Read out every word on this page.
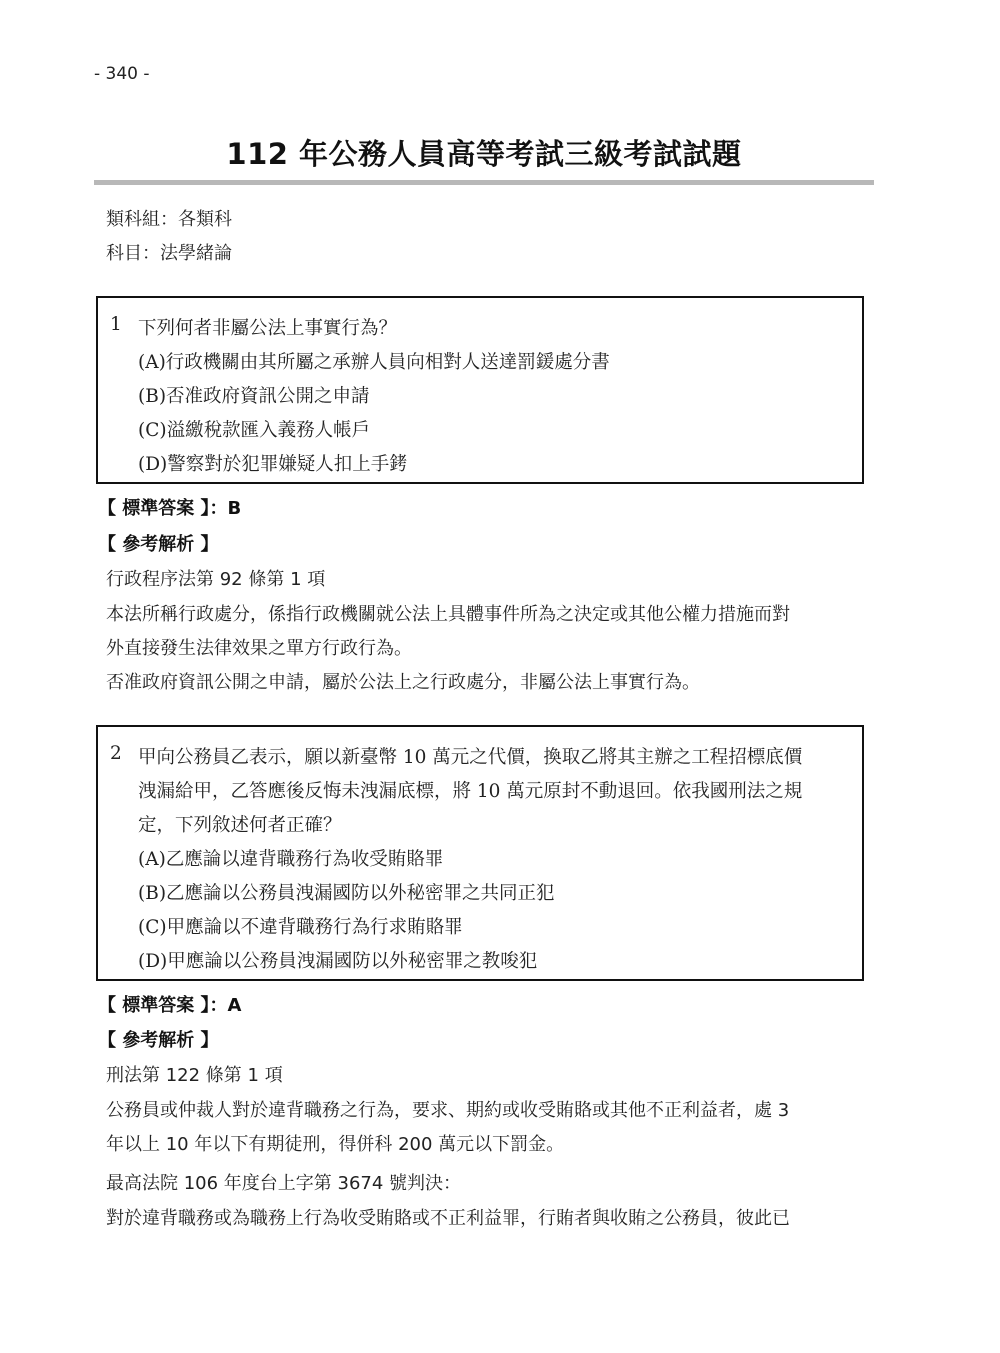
- 340 -
112 年公務人員高等考試三級考試試題
類科組：各類科
科目：法學緒論
1 下列何者非屬公法上事實行為？
(A)行政機關由其所屬之承辦人員向相對人送達罰鍰處分書
(B)否准政府資訊公開之申請
(C)溢繳稅款匯入義務人帳戶
(D)警察對於犯罪嫌疑人扣上手銬
【 標準答案 】：B
【 參考解析 】
行政程序法第 92 條第 1 項
本法所稱行政處分，係指行政機關就公法上具體事件所為之決定或其他公權力措施而對
外直接發生法律效果之單方行政行為。
否准政府資訊公開之申請，屬於公法上之行政處分，非屬公法上事實行為。
2 甲向公務員乙表示，願以新臺幣 10 萬元之代價，換取乙將其主辦之工程招標底價
洩漏給甲，乙答應後反悔未洩漏底標，將 10 萬元原封不動退回。依我國刑法之規
定，下列敘述何者正確？
(A)乙應論以違背職務行為收受賄賂罪
(B)乙應論以公務員洩漏國防以外秘密罪之共同正犯
(C)甲應論以不違背職務行為行求賄賂罪
(D)甲應論以公務員洩漏國防以外秘密罪之教唆犯
【 標準答案 】：A
【 參考解析 】
刑法第 122 條第 1 項
公務員或仲裁人對於違背職務之行為，要求、期約或收受賄賂或其他不正利益者，處 3
年以上 10 年以下有期徒刑，得併科 200 萬元以下罰金。
最高法院 106 年度台上字第 3674 號判決：
對於違背職務或為職務上行為收受賄賂或不正利益罪，行賄者與收賄之公務員，彼此已
